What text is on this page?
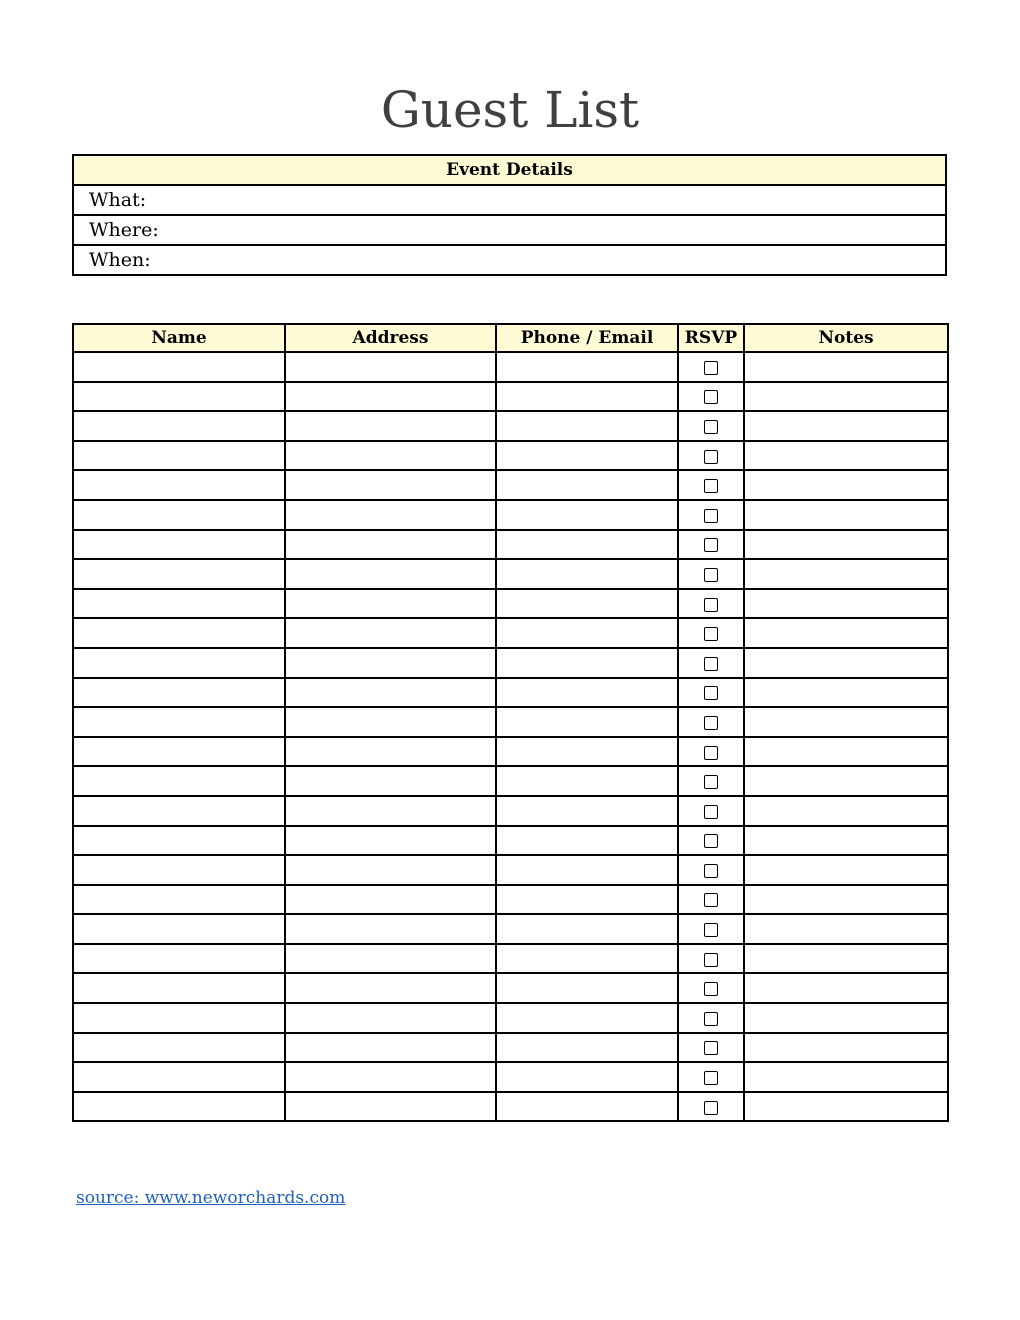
Guest List
Event Details
What:
Where:
When:
Name	Address	Phone / Email	RSVP	Notes

source: www.neworchards.com
